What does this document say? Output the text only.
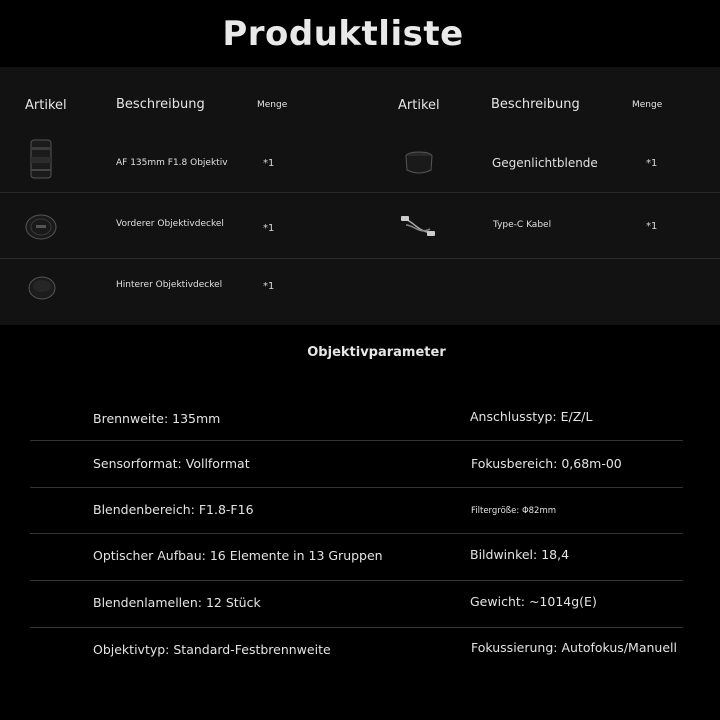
Produktliste
Artikel	Beschreibung	Menge	Artikel	Beschreibung	Menge
AF 135mm F1.8 Objektiv	*1	Gegenlichtblende	*1
Vorderer Objektivdeckel	*1	Type-C Kabel	*1
Hinterer Objektivdeckel	*1
Objektivparameter
Brennweite: 135mm	Anschlusstyp: E/Z/L
Sensorformat: Vollformat	Fokusbereich: 0,68m-00
Blendenbereich: F1.8-F16	Filtergröße: Φ82mm
Optischer Aufbau: 16 Elemente in 13 Gruppen	Bildwinkel: 18,4
Blendenlamellen: 12 Stück	Gewicht: ~1014g(E)
Objektivtyp: Standard-Festbrennweite	Fokussierung: Autofokus/Manuell
